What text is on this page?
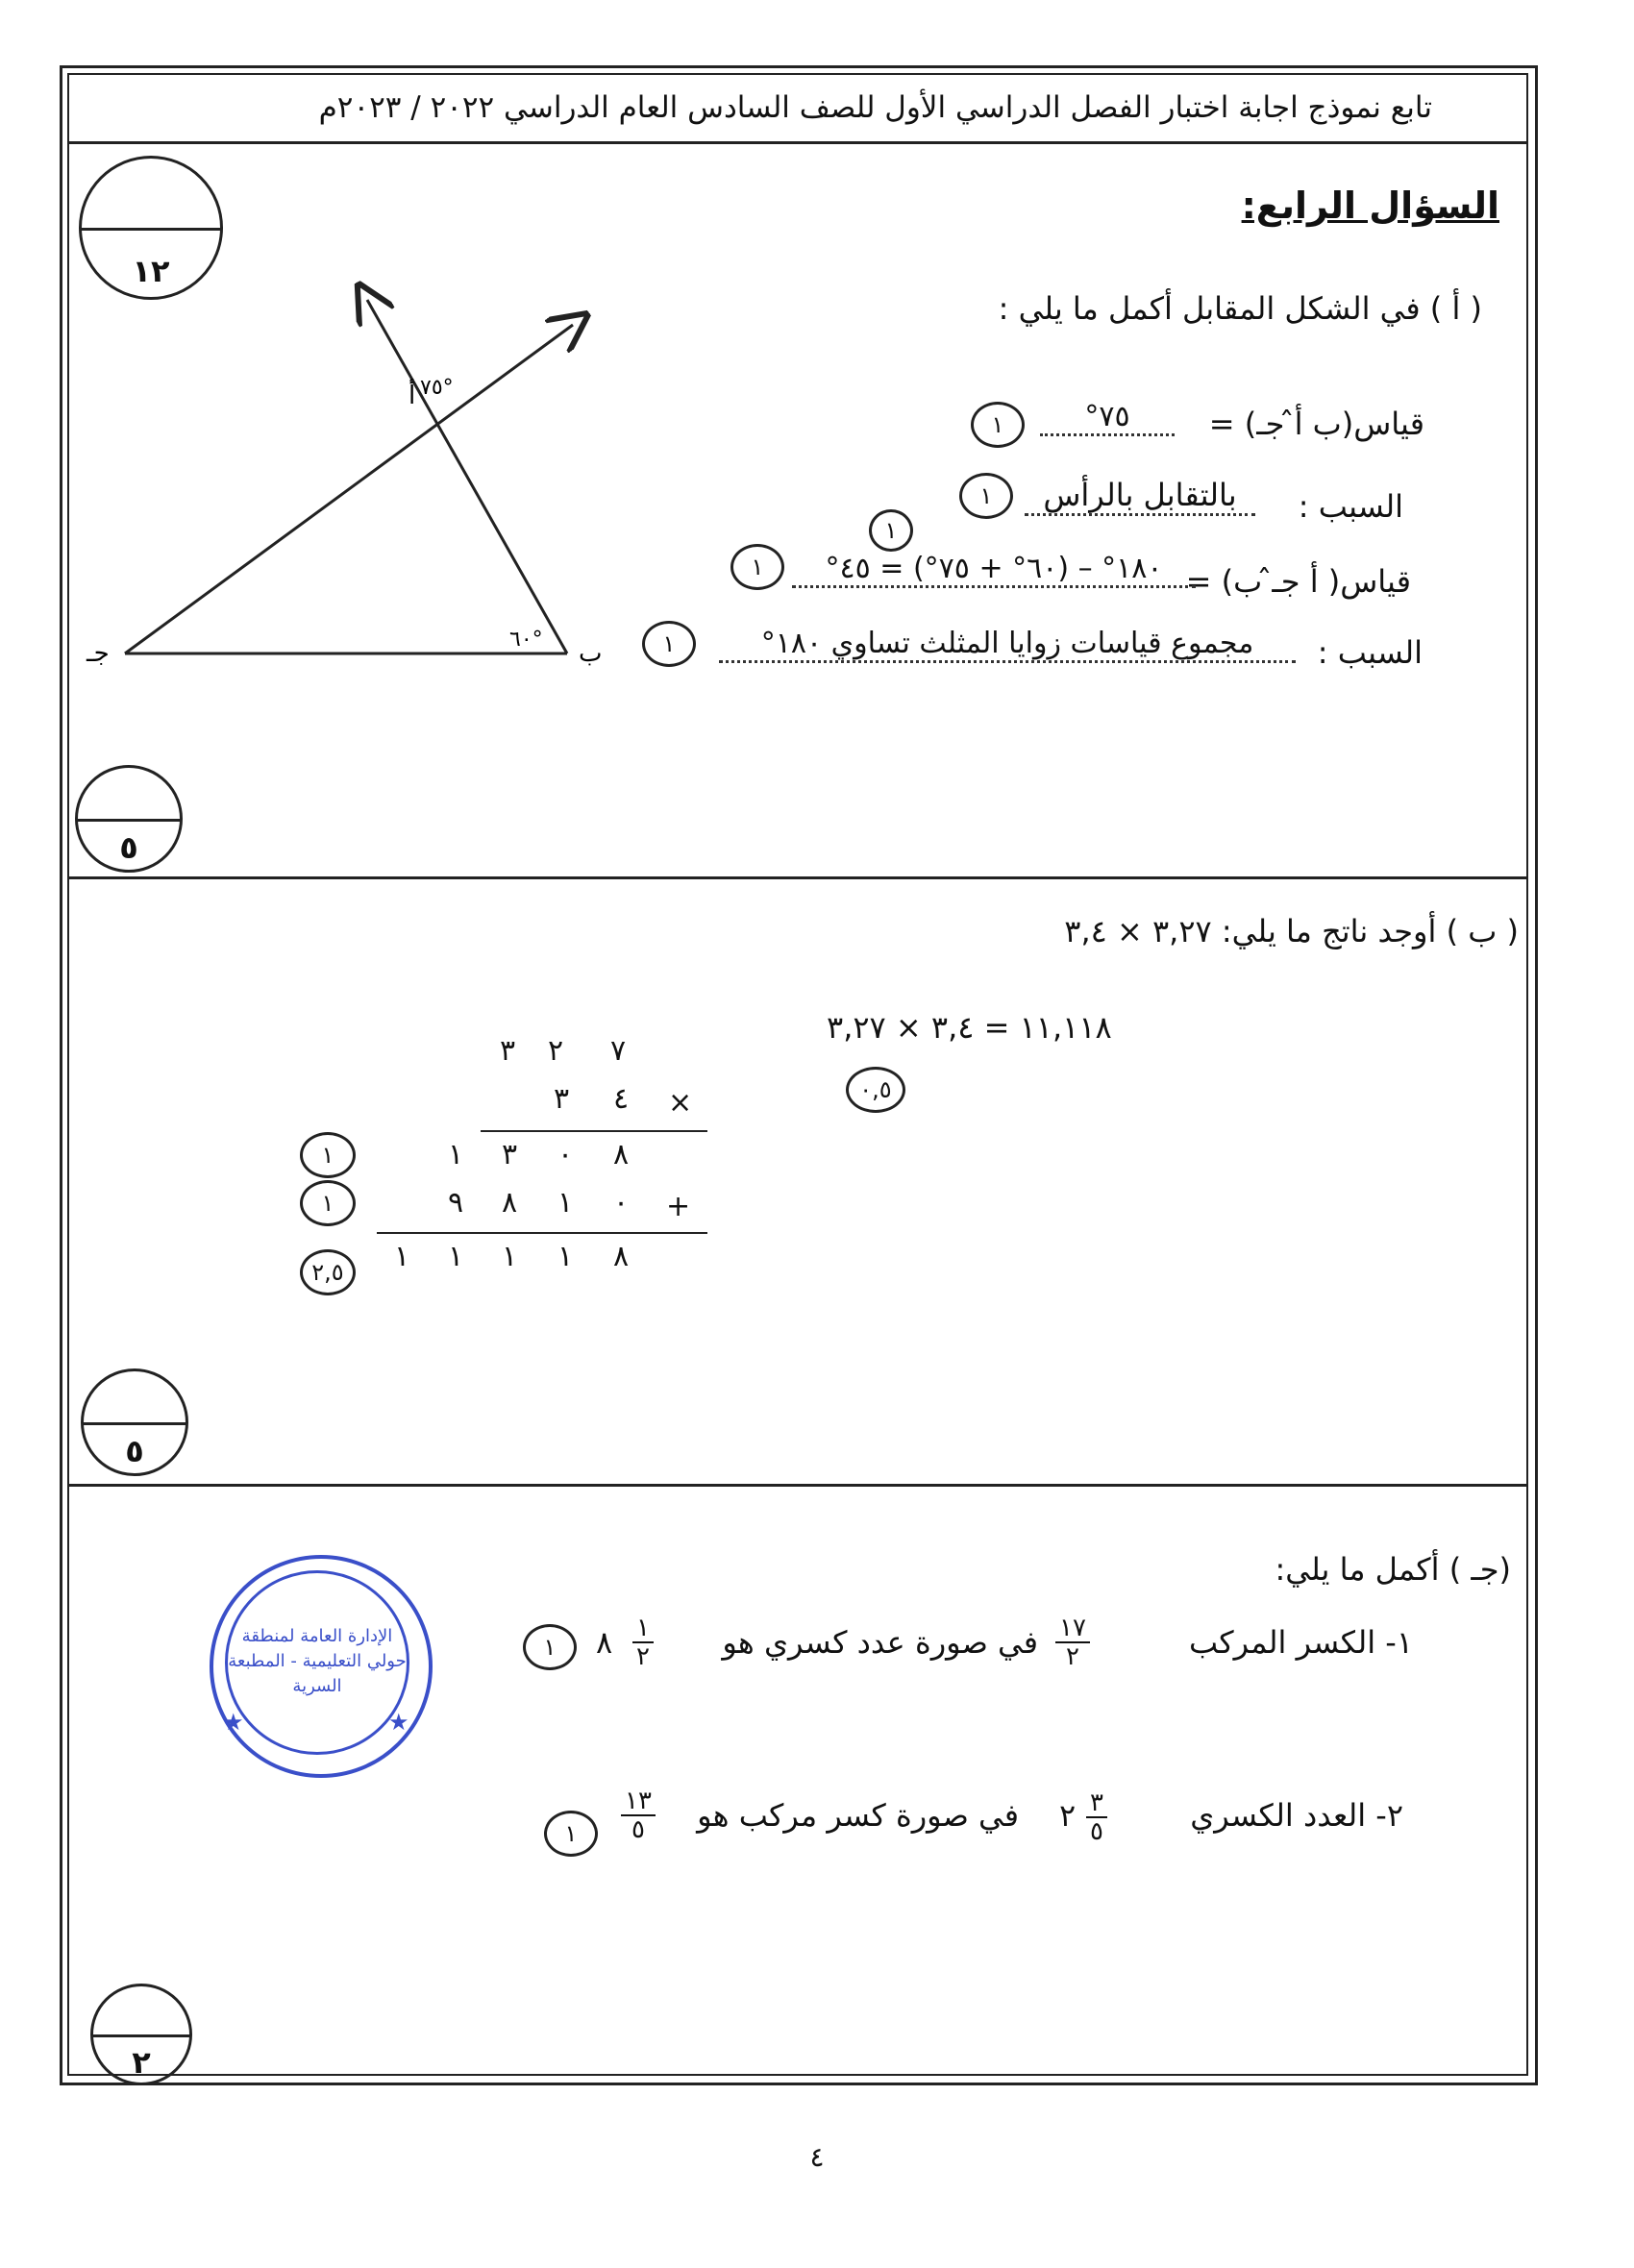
تابع نموذج اجابة اختبار الفصل الدراسي الأول للصف السادس العام الدراسي ٢٠٢٢ / ٢٠٢٣م
السؤال الرابع:
١٢
( أ ) في الشكل المقابل أكمل ما يلي :
أ ٧٥°
ب
٦٠°
جـ
قياس(ب أ̂ جـ) =
٧٥°
١
السبب :
بالتقابل بالرأس
١
قياس( أ جـ̂ ب) =
١٨٠° – (٦٠° + ٧٥°) = ٤٥°
١
١
السبب :
مجموع قياسات زوايا المثلث تساوي ١٨٠°
١
٥
( ب ) أوجد ناتج ما يلي: ٣,٢٧ × ٣,٤
١١,١١٨ = ٣,٤ × ٣,٢٧
٠,٥
٣ ٢ ٧
×
٤
٣
٨
٠
٣
١
١
+
٠
١
٨
٩
١
٨
١
١
١
١
٢,٥
٥
(جـ ) أكمل ما يلي:
١- الكسر المركب
$\frac{١٧}{٢}$
في صورة عدد كسري هو
$\frac{١}{٢}$
٨
١
٢- العدد الكسري
$\frac{٣}{٥}$
٢
في صورة كسر مركب هو
$\frac{١٣}{٥}$
١
الإدارة العامة لمنطقة حولي التعليمية - المطبعة السرية
★	★
٢
٤
